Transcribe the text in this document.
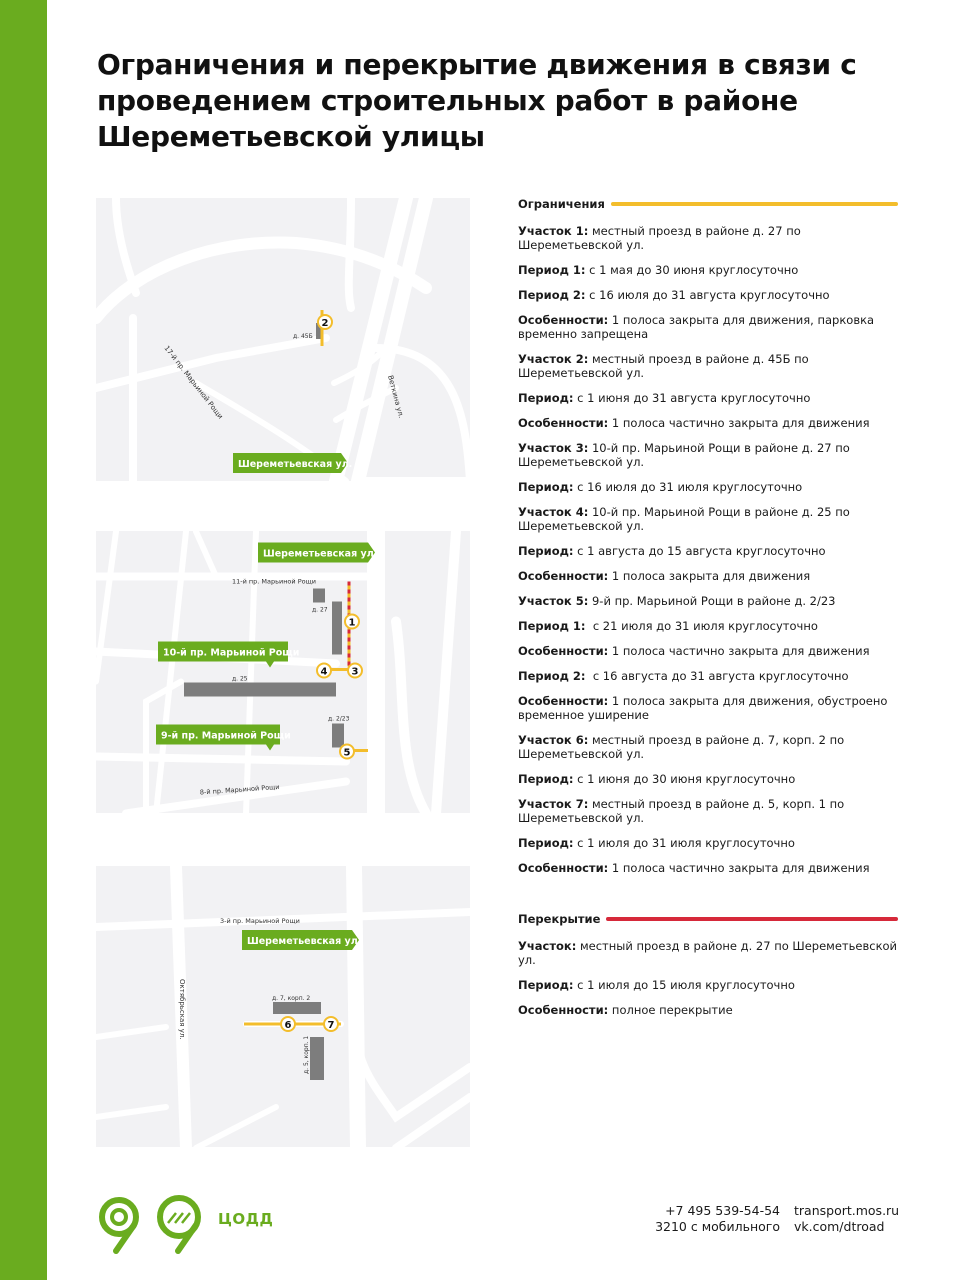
Ограничения и перекрытие движения в связи с проведением строительных работ в районе Шереметьевской улицы
2
д. 45Б
17-й пр. Марьиной Рощи	Веткина ул.
Шереметьевская ул.
1
3
4
5
11-й пр. Марьиной Рощи
д. 27
д. 25
д. 2/23
8-й пр. Марьиной Рощи
Шереметьевская ул.
10-й пр. Марьиной Рощи
9-й пр. Марьиной Рощи
6	7
3-й пр. Марьиной Рощи
д. 7, корп. 2
д. 5, корп. 1
Октябрьская ул.
Шереметьевская ул.
Ограничения

Участок 1: местный проезд в районе д. 27 по Шереметьевской ул.

Период 1: с 1 мая до 30 июня круглосуточно

Период 2: с 16 июля до 31 августа круглосуточно

Особенности: 1 полоса закрыта для движения, парковка временно запрещена

Участок 2: местный проезд в районе д. 45Б по Шереметьевской ул.

Период: с 1 июня до 31 августа круглосуточно

Особенности: 1 полоса частично закрыта для движения

Участок 3: 10-й пр. Марьиной Рощи в районе д. 27 по Шереметьевской ул.

Период: с 16 июля до 31 июля круглосуточно

Участок 4: 10-й пр. Марьиной Рощи в районе д. 25 по Шереметьевской ул.

Период: с 1 августа до 15 августа круглосуточно

Особенности: 1 полоса закрыта для движения

Участок 5: 9-й пр. Марьиной Рощи в районе д. 2/23

Период 1:  с 21 июля до 31 июля круглосуточно

Особенности: 1 полоса частично закрыта для движения

Период 2:  с 16 августа до 31 августа круглосуточно

Особенности: 1 полоса закрыта для движения, обустроено временное уширение

Участок 6: местный проезд в районе д. 7, корп. 2 по Шереметьевской ул.

Период: с 1 июня до 30 июня круглосуточно

Участок 7: местный проезд в районе д. 5, корп. 1 по Шереметьевской ул.

Период: с 1 июля до 31 июля круглосуточно

Особенности: 1 полоса частично закрыта для движения

Перекрытие

Участок: местный проезд в районе д. 27 по Шереметьевской ул.

Период: с 1 июля до 15 июля круглосуточно

Особенности: полное перекрытие

ЦОДД	+7 495 539-54-54
3210 с мобильного
transport.mos.ru
vk.com/dtroad
